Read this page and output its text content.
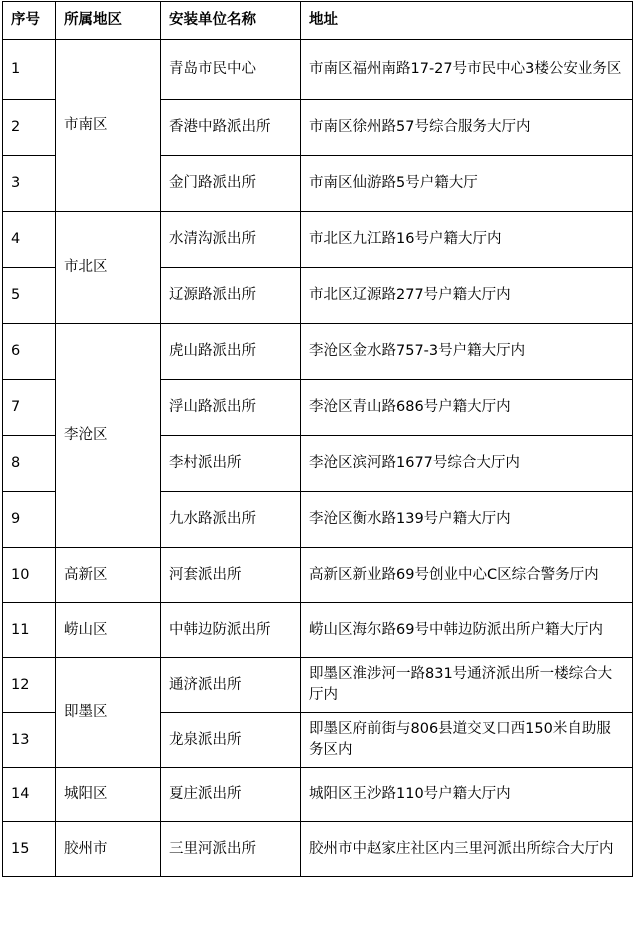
序号	所属地区	安装单位名称	地址
1	市南区	青岛市民中心	市南区福州南路17-27号市民中心3楼公安业务区
2		香港中路派出所	市南区徐州路57号综合服务大厅内
3		金门路派出所	市南区仙游路5号户籍大厅
4	市北区	水清沟派出所	市北区九江路16号户籍大厅内
5		辽源路派出所	市北区辽源路277号户籍大厅内
6	李沧区	虎山路派出所	李沧区金水路757-3号户籍大厅内
7		浮山路派出所	李沧区青山路686号户籍大厅内
8		李村派出所	李沧区滨河路1677号综合大厅内
9		九水路派出所	李沧区衡水路139号户籍大厅内
10	高新区	河套派出所	高新区新业路69号创业中心C区综合警务厅内
11	崂山区	中韩边防派出所	崂山区海尔路69号中韩边防派出所户籍大厅内
12	即墨区	通济派出所	即墨区淮涉河一路831号通济派出所一楼综合大厅内
13		龙泉派出所	即墨区府前街与806县道交叉口西150米自助服务区内
14	城阳区	夏庄派出所	城阳区王沙路110号户籍大厅内
15	胶州市	三里河派出所	胶州市中赵家庄社区内三里河派出所综合大厅内
